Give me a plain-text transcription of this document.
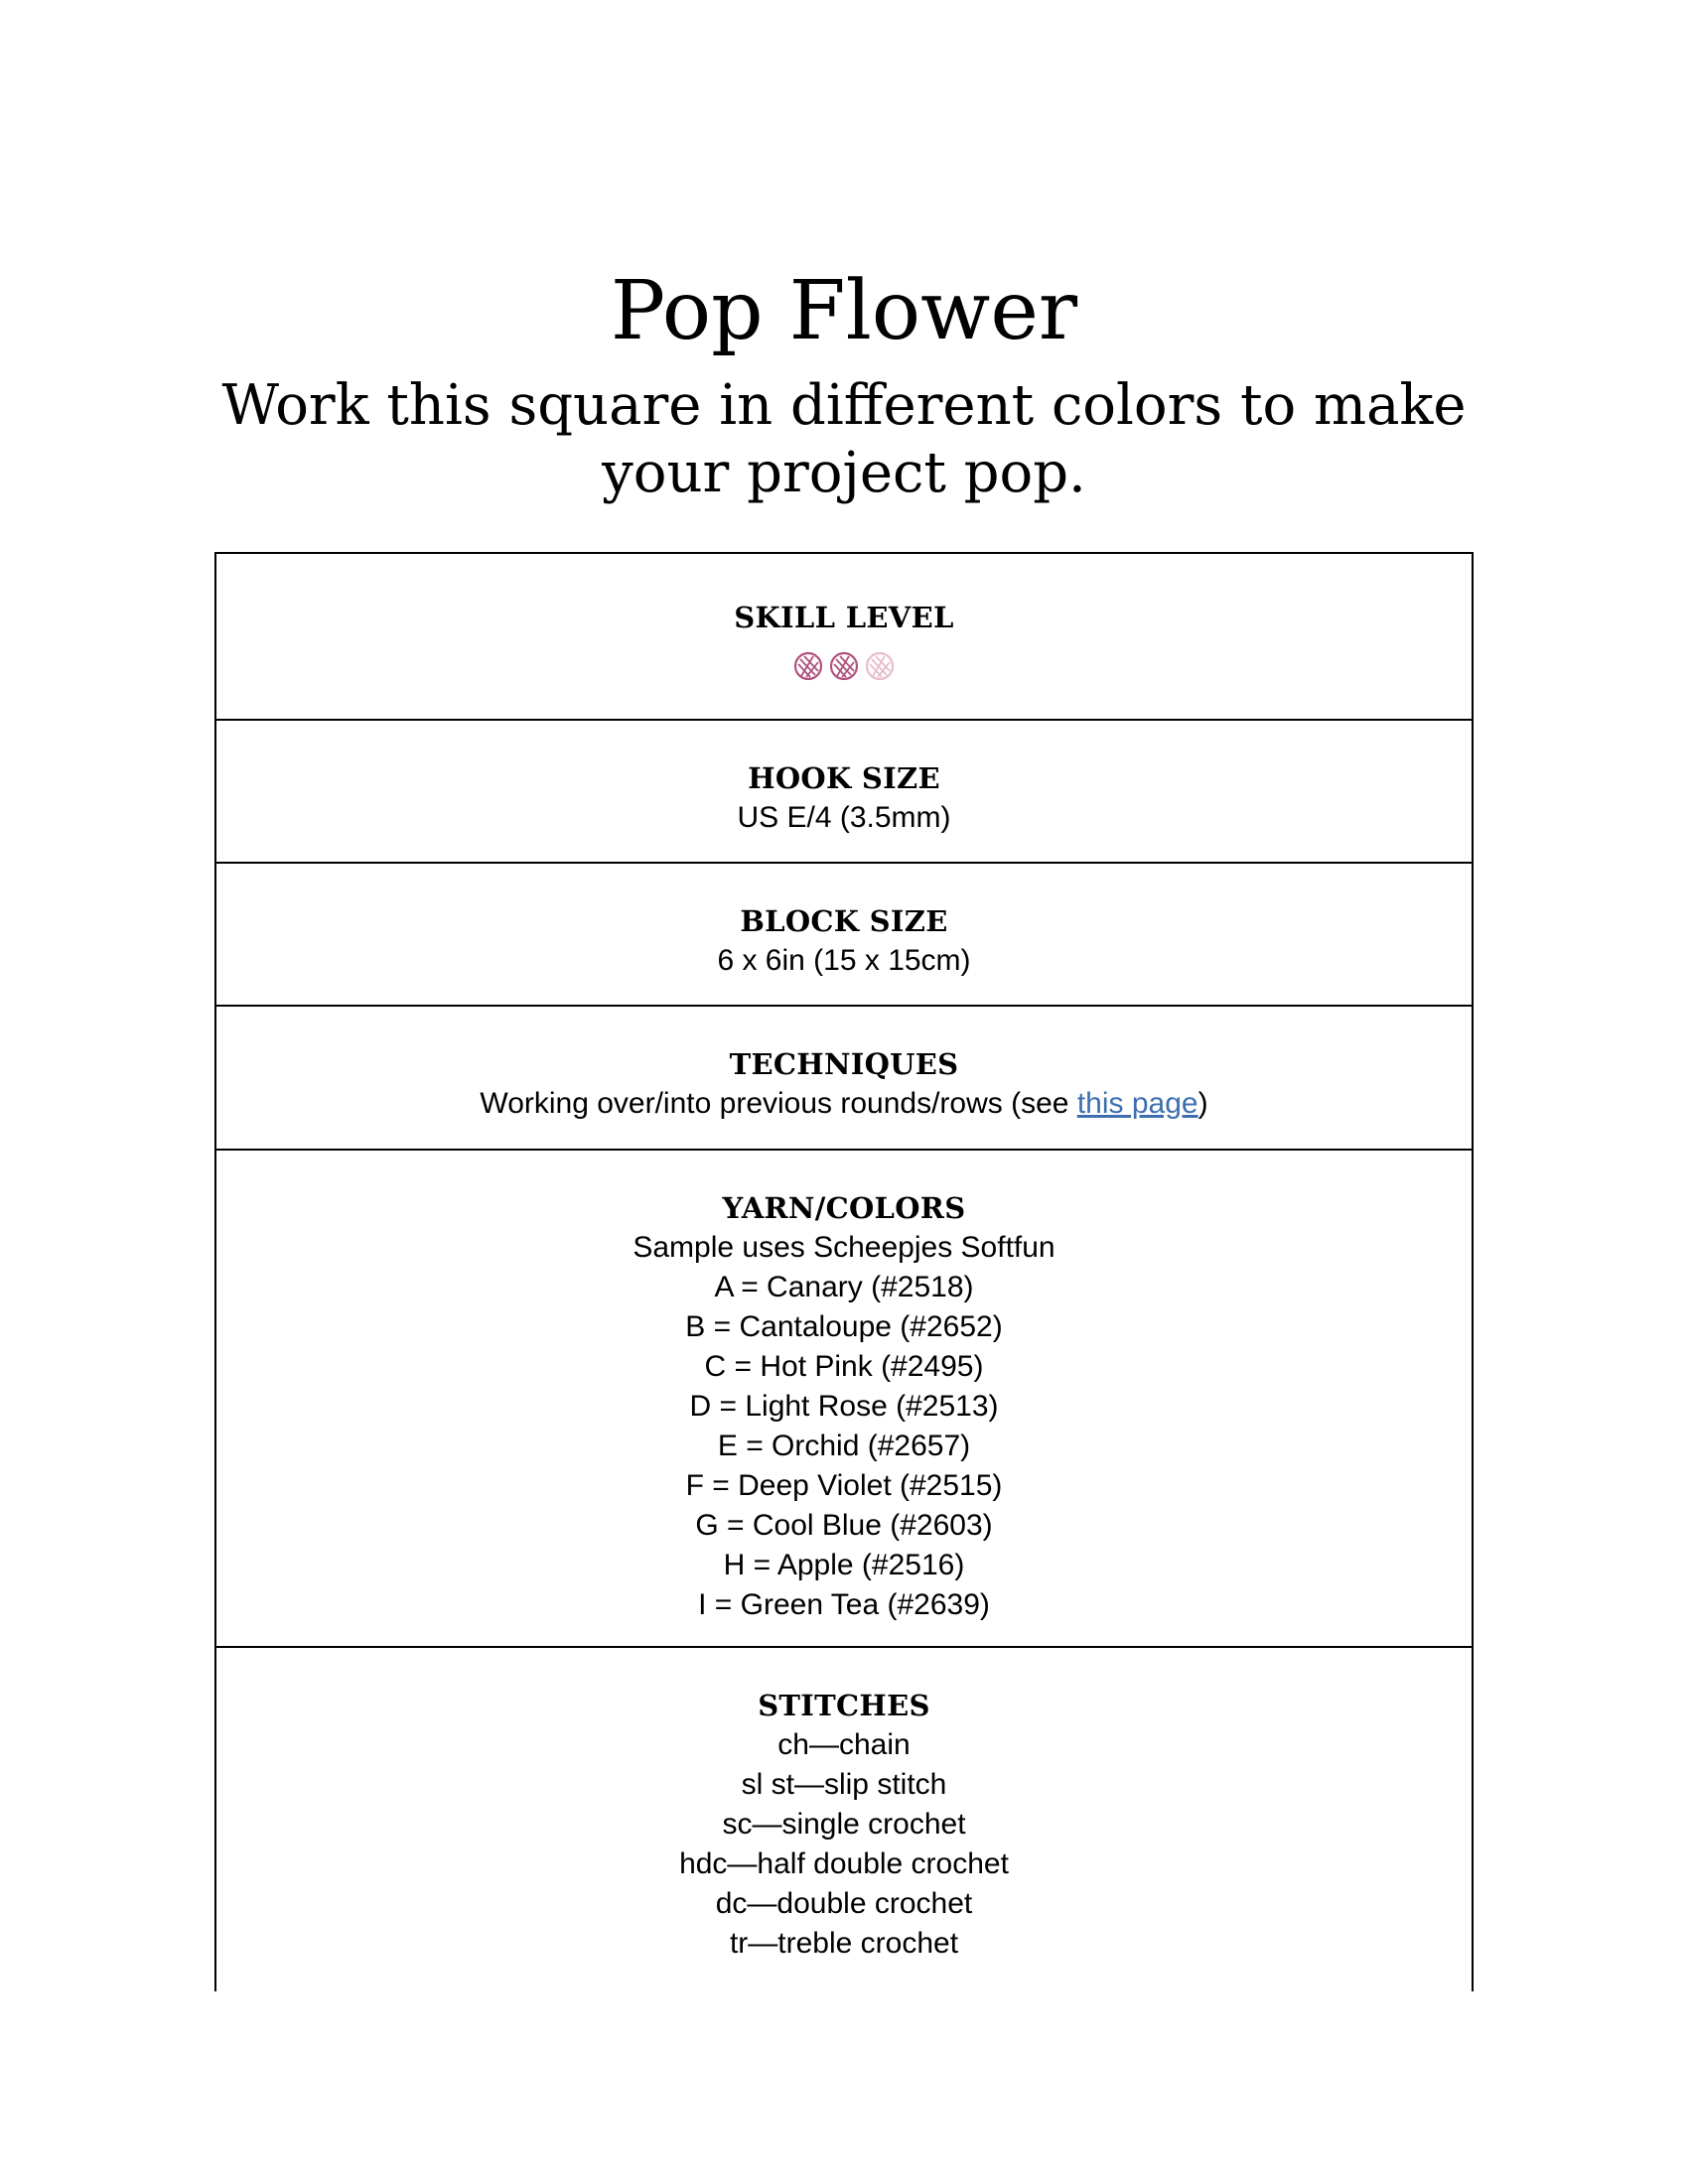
Pop Flower
Work this square in different colors to make your project pop.
SKILL LEVEL
HOOK SIZE
US E/4 (3.5mm)
BLOCK SIZE
6 x 6in (15 x 15cm)
TECHNIQUES
Working over/into previous rounds/rows (see this page)
YARN/COLORS
Sample uses Scheepjes Softfun
A = Canary (#2518)
B = Cantaloupe (#2652)
C = Hot Pink (#2495)
D = Light Rose (#2513)
E = Orchid (#2657)
F = Deep Violet (#2515)
G = Cool Blue (#2603)
H = Apple (#2516)
I = Green Tea (#2639)
STITCHES
ch—chain
sl st—slip stitch
sc—single crochet
hdc—half double crochet
dc—double crochet
tr—treble crochet
